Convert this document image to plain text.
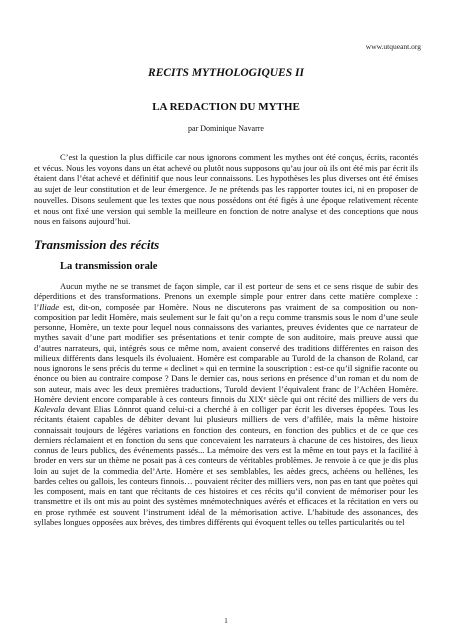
www.utqueant.org
RECITS MYTHOLOGIQUES II
LA REDACTION DU MYTHE
par Dominique Navarre

C’est la question la plus difficile car nous ignorons comment les mythes ont été conçus, écrits, racontés et vécus. Nous les voyons dans un état achevé ou plutôt nous supposons qu’au jour où ils ont été mis par écrit ils étaient dans l’état achevé et définitif que nous leur connaissons. Les hypothèses les plus diverses ont été émises au sujet de leur constitution et de leur émergence. Je ne prétends pas les rapporter toutes ici, ni en proposer de nouvelles. Disons seulement que les textes que nous possédons ont été figés à une époque relativement récente et nous ont fixé une version qui semble la meilleure en fonction de notre analyse et des conceptions que nous nous en faisons aujourd’hui.

Transmission des récits
La transmission orale

Aucun mythe ne se transmet de façon simple, car il est porteur de sens et ce sens risque de subir des déperditions et des transformations. Prenons un exemple simple pour entrer dans cette matière complexe : l’Iliade est, dit-on, composée par Homère. Nous ne discuterons pas vraiment de sa composition ou non-composition par ledit Homère, mais seulement sur le fait qu’on a reçu comme transmis sous le nom d’une seule personne, Homère, un texte pour lequel nous connaissons des variantes, preuves évidentes que ce narrateur de mythes savait d’une part modifier ses présentations et tenir compte de son auditoire, mais preuve aussi que d’autres narrateurs, qui, intégrés sous ce même nom, avaient conservé des traditions différentes en raison des milieux différents dans lesquels ils évoluaient. Homère est comparable au Turold de la chanson de Roland, car nous ignorons le sens précis du terme « declinet » qui en termine la souscription : est-ce qu’il signifie raconte ou énonce ou bien au contraire compose ? Dans le dernier cas, nous serions en présence d’un roman et du nom de son auteur, mais avec les deux premières traductions, Turold devient l’équivalent franc de l’Achéen Homère. Homère devient encore comparable à ces conteurs finnois du XIXᵉ siècle qui ont récité des milliers de vers du Kalevala devant Elias Lönnrot quand celui-ci a cherché à en colliger par écrit les diverses épopées. Tous les récitants étaient capables de débiter devant lui plusieurs milliers de vers d’affilée, mais la même histoire connaissait toujours de légères variations en fonction des conteurs, en fonction des publics et de ce que ces derniers réclamaient et en fonction du sens que concevaient les narrateurs à chacune de ces histoires, des lieux connus de leurs publics, des événements passés... La mémoire des vers est la même en tout pays et la facilité à broder en vers sur un thème ne posait pas à ces conteurs de véritables problèmes. Je renvoie à ce que je dis plus loin au sujet de la commedia del’Arte. Homère et ses semblables, les aèdes grecs, achéens ou hellènes, les bardes celtes ou gallois, les conteurs finnois… pouvaient réciter des milliers vers, non pas en tant que poètes qui les composent, mais en tant que récitants de ces histoires et ces récits qu’il convient de mémoriser pour les transmettre et ils ont mis au point des systèmes mnémotechniques avérés et efficaces et la récitation en vers ou en prose rythmée est souvent l’instrument idéal de la mémorisation active. L’habitude des assonances, des syllabes longues opposées aux brèves, des timbres différents qui évoquent telles ou telles particularités ou tel

1
